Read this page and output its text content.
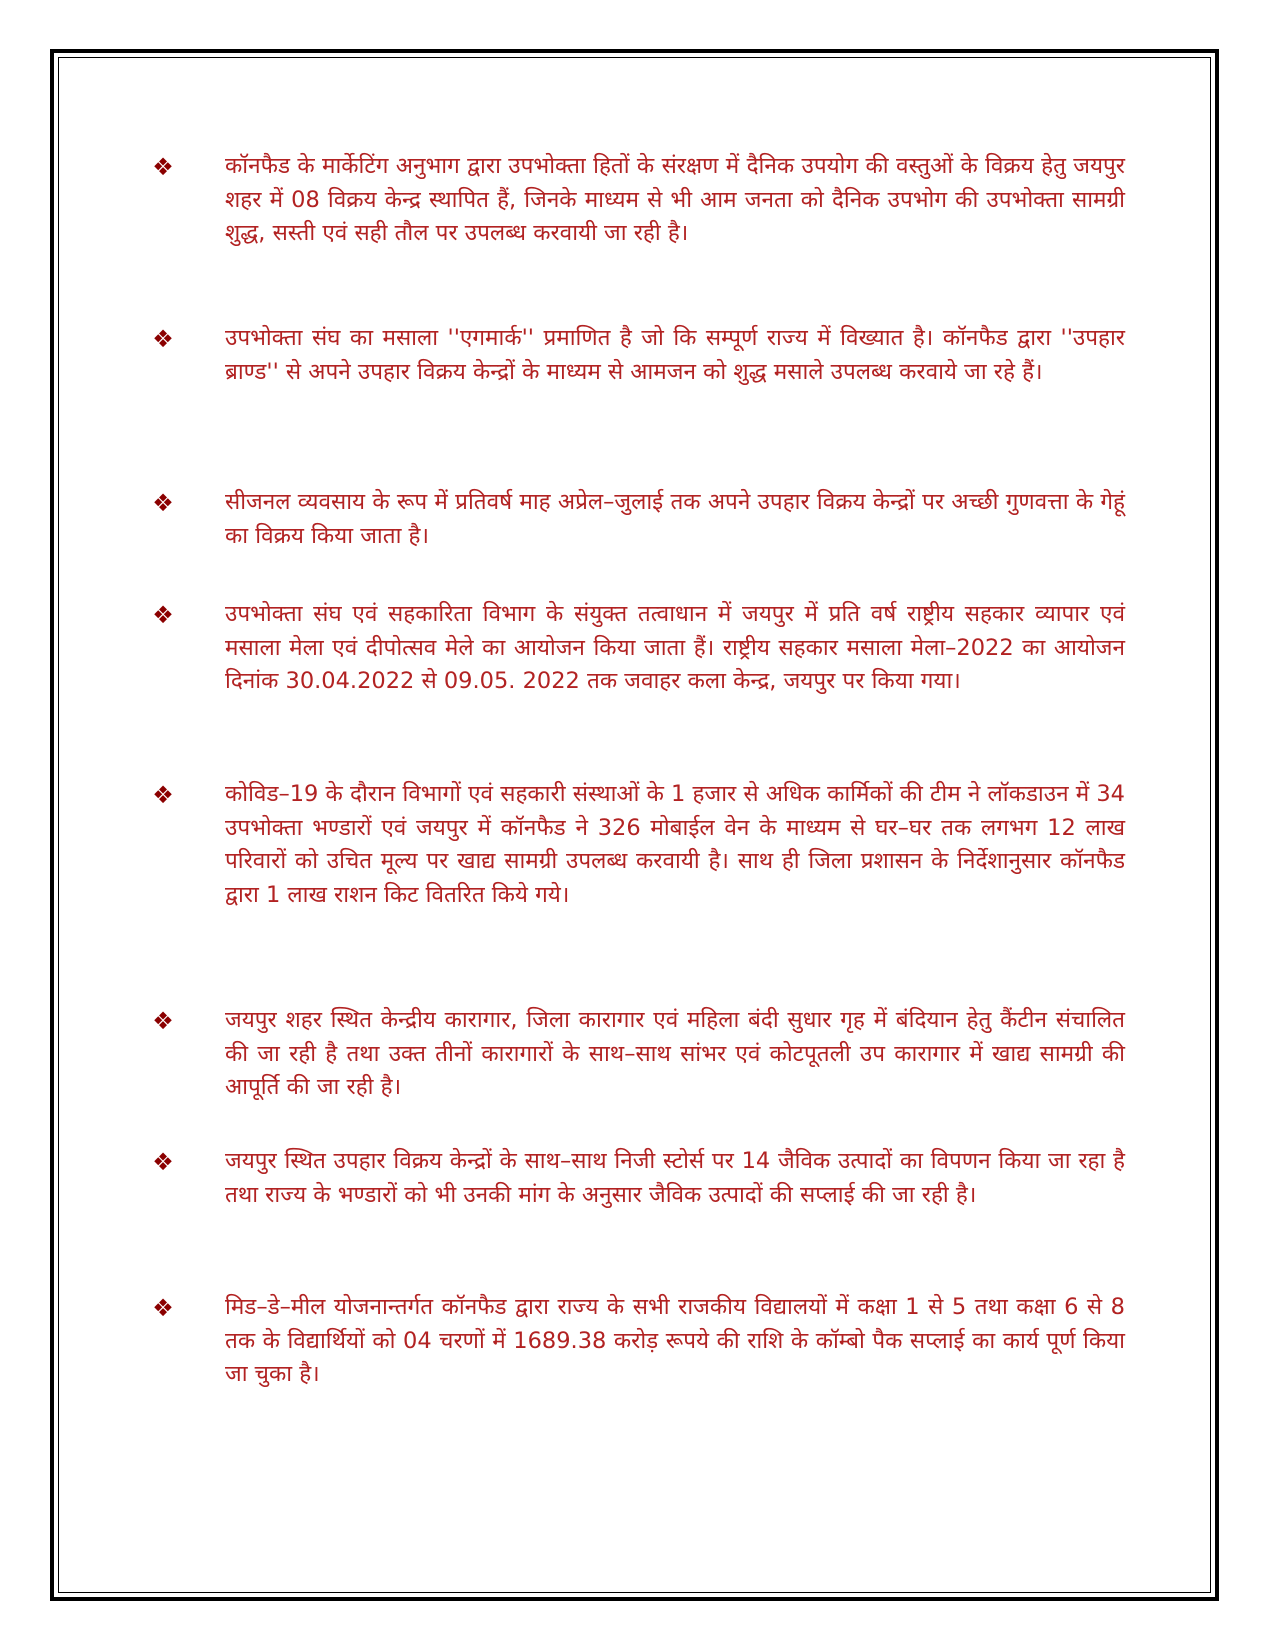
❖ कॉनफैड के मार्केटिंग अनुभाग द्वारा उपभोक्ता हितों के संरक्षण में दैनिक उपयोग की वस्तुओं के विक्रय हेतु जयपुर शहर में 08 विक्रय केन्द्र स्थापित हैं, जिनके माध्यम से भी आम जनता को दैनिक उपभोग की उपभोक्ता सामग्री शुद्ध, सस्ती एवं सही तौल पर उपलब्ध करवायी जा रही है।

❖ उपभोक्ता संघ का मसाला ''एगमार्क'' प्रमाणित है जो कि सम्पूर्ण राज्य में विख्यात है। कॉनफैड द्वारा ''उपहार ब्राण्ड'' से अपने उपहार विक्रय केन्द्रों के माध्यम से आमजन को शुद्ध मसाले उपलब्ध करवाये जा रहे हैं।

❖ सीजनल व्यवसाय के रूप में प्रतिवर्ष माह अप्रेल–जुलाई तक अपने उपहार विक्रय केन्द्रों पर अच्छी गुणवत्ता के गेहूं का विक्रय किया जाता है।

❖ उपभोक्ता संघ एवं सहकारिता विभाग के संयुक्त तत्वाधान में जयपुर में प्रति वर्ष राष्ट्रीय सहकार व्यापार एवं मसाला मेला एवं दीपोत्सव मेले का आयोजन किया जाता हैं। राष्ट्रीय सहकार मसाला मेला–2022 का आयोजन दिनांक 30.04.2022 से 09.05. 2022 तक जवाहर कला केन्द्र, जयपुर पर किया गया।

❖ कोविड–19 के दौरान विभागों एवं सहकारी संस्थाओं के 1 हजार से अधिक कार्मिकों की टीम ने लॉकडाउन में 34 उपभोक्ता भण्डारों एवं जयपुर में कॉनफैड ने 326 मोबाईल वेन के माध्यम से घर–घर तक लगभग 12 लाख परिवारों को उचित मूल्य पर खाद्य सामग्री उपलब्ध करवायी है। साथ ही जिला प्रशासन के निर्देशानुसार कॉनफैड द्वारा 1 लाख राशन किट वितरित किये गये।

❖ जयपुर शहर स्थित केन्द्रीय कारागार, जिला कारागार एवं महिला बंदी सुधार गृह में बंदियान हेतु कैंटीन संचालित की जा रही है तथा उक्त तीनों कारागारों के साथ–साथ सांभर एवं कोटपूतली उप कारागार में खाद्य सामग्री की आपूर्ति की जा रही है।

❖ जयपुर स्थित उपहार विक्रय केन्द्रों के साथ–साथ निजी स्टोर्स पर 14 जैविक उत्पादों का विपणन किया जा रहा है तथा राज्य के भण्डारों को भी उनकी मांग के अनुसार जैविक उत्पादों की सप्लाई की जा रही है।

❖ मिड–डे–मील योजनान्तर्गत कॉनफैड द्वारा राज्य के सभी राजकीय विद्यालयों में कक्षा 1 से 5 तथा कक्षा 6 से 8 तक के विद्यार्थियों को 04 चरणों में 1689.38 करोड़ रूपये की राशि के कॉम्बो पैक सप्लाई का कार्य पूर्ण किया जा चुका है।
